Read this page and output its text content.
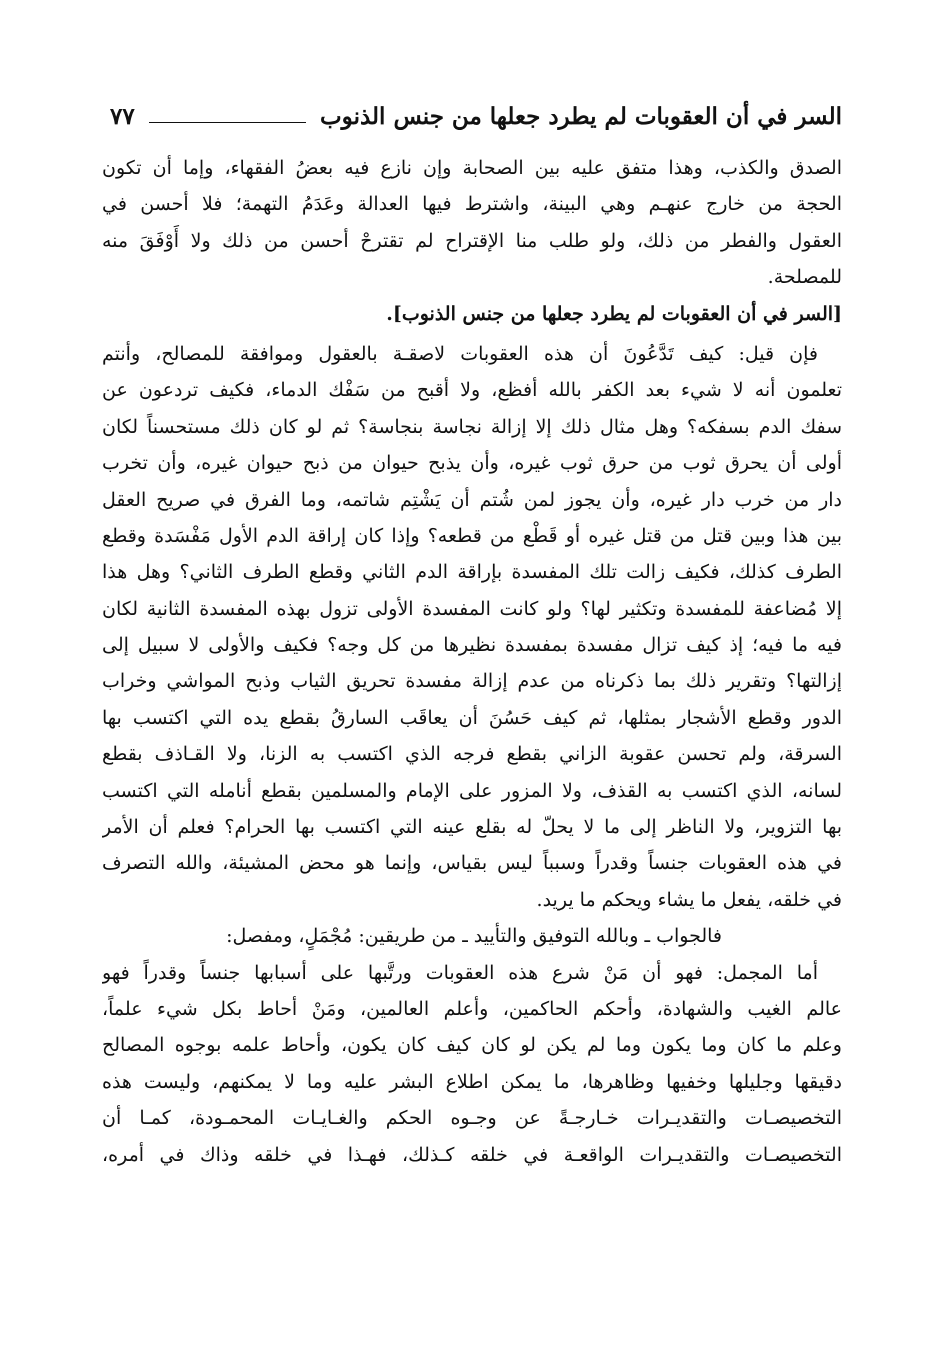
السر في أن العقوبات لم يطرد جعلها من جنس الذنوب
٧٧
الصدق والكذب، وهذا متفق عليه بين الصحابة وإن نازع فيه بعضُ الفقهاء، وإما أن تكون
الحجة من خارج عنهـم وهي البينة، واشترط فيها العدالة وعَدَمُ التهمة؛ فلا أحسن في
العقول والفطر من ذلك، ولو طلب منا الإقتراح لم تقترحْ أحسن من ذلك ولا أَوْفَقَ منه
للمصلحة.
[السر في أن العقوبات لم يطرد جعلها من جنس الذنوب].
فإن قيل: كيف تَدَّعُونَ أن هذه العقوبات لاصقـة بالعقول وموافقة للمصالح، وأنتم
تعلمون أنه لا شيء بعد الكفر بالله أفظع، ولا أقبح من سَفْك الدماء، فكيف تردعون عن
سفك الدم بسفكه؟ وهل مثال ذلك إلا إزالة نجاسة بنجاسة؟ ثم لو كان ذلك مستحسناً لكان
أولى أن يحرق ثوب من حرق ثوب غيره، وأن يذبح حيوان من ذبح حيوان غيره، وأن تخرب
دار من خرب دار غيره، وأن يجوز لمن شُتم أن يَشْتِم شاتمه، وما الفرق في صريح العقل
بين هذا وبين قتل من قتل غيره أو قَطْع من قطعه؟ وإذا كان إراقة الدم الأول مَفْسَدة وقطع
الطرف كذلك، فكيف زالت تلك المفسدة بإراقة الدم الثاني وقطع الطرف الثاني؟ وهل هذا
إلا مُضاعفة للمفسدة وتكثير لها؟ ولو كانت المفسدة الأولى تزول بهذه المفسدة الثانية لكان
فيه ما فيه؛ إذ كيف تزال مفسدة بمفسدة نظيرها من كل وجه؟ فكيف والأولى لا سبيل إلى
إزالتها؟ وتقرير ذلك بما ذكرناه من عدم إزالة مفسدة تحريق الثياب وذبح المواشي وخراب
الدور وقطع الأشجار بمثلها، ثم كيف حَسُنَ أن يعاقَب السارقُ بقطع يده التي اكتسب بها
السرقة، ولم تحسن عقوبة الزاني بقطع فرجه الذي اكتسب به الزنا، ولا القـاذف بقطع
لسانه، الذي اكتسب به القذف، ولا المزور على الإمام والمسلمين بقطع أنامله التي اكتسب
بها التزوير، ولا الناظر إلى ما لا يحلّ له بقلع عينه التي اكتسب بها الحرام؟ فعلم أن الأمر
في هذه العقوبات جنساً وقدراً وسبباً ليس بقياس، وإنما هو محض المشيئة، والله التصرف
في خلقه، يفعل ما يشاء ويحكم ما يريد.
فالجواب ـ وبالله التوفيق والتأييد ـ من طريقين: مُجْمَلٍ، ومفصل:
أما المجمل: فهو أن مَنْ شرع هذه العقوبات ورتَّبها على أسبابها جنساً وقدراً فهو
عالم الغيب والشهادة، وأحكم الحاكمين، وأعلم العالمين، ومَنْ أحاط بكل شيء علماً،
وعلم ما كان وما يكون وما لم يكن لو كان كيف كان يكون، وأحاط علمه بوجوه المصالح
دقيقها وجليلها وخفيها وظاهرها، ما يمكن اطلاع البشر عليه وما لا يمكنهم، وليست هذه
التخصيصـات والتقديـرات خـارجـةً عن وجـوه الحكم والغـايـات المحمـودة، كمـا أن
التخصيصـات والتقديـرات الواقعـة في خلقه كـذلك، فهـذا في خلقه وذاك في أمره،
